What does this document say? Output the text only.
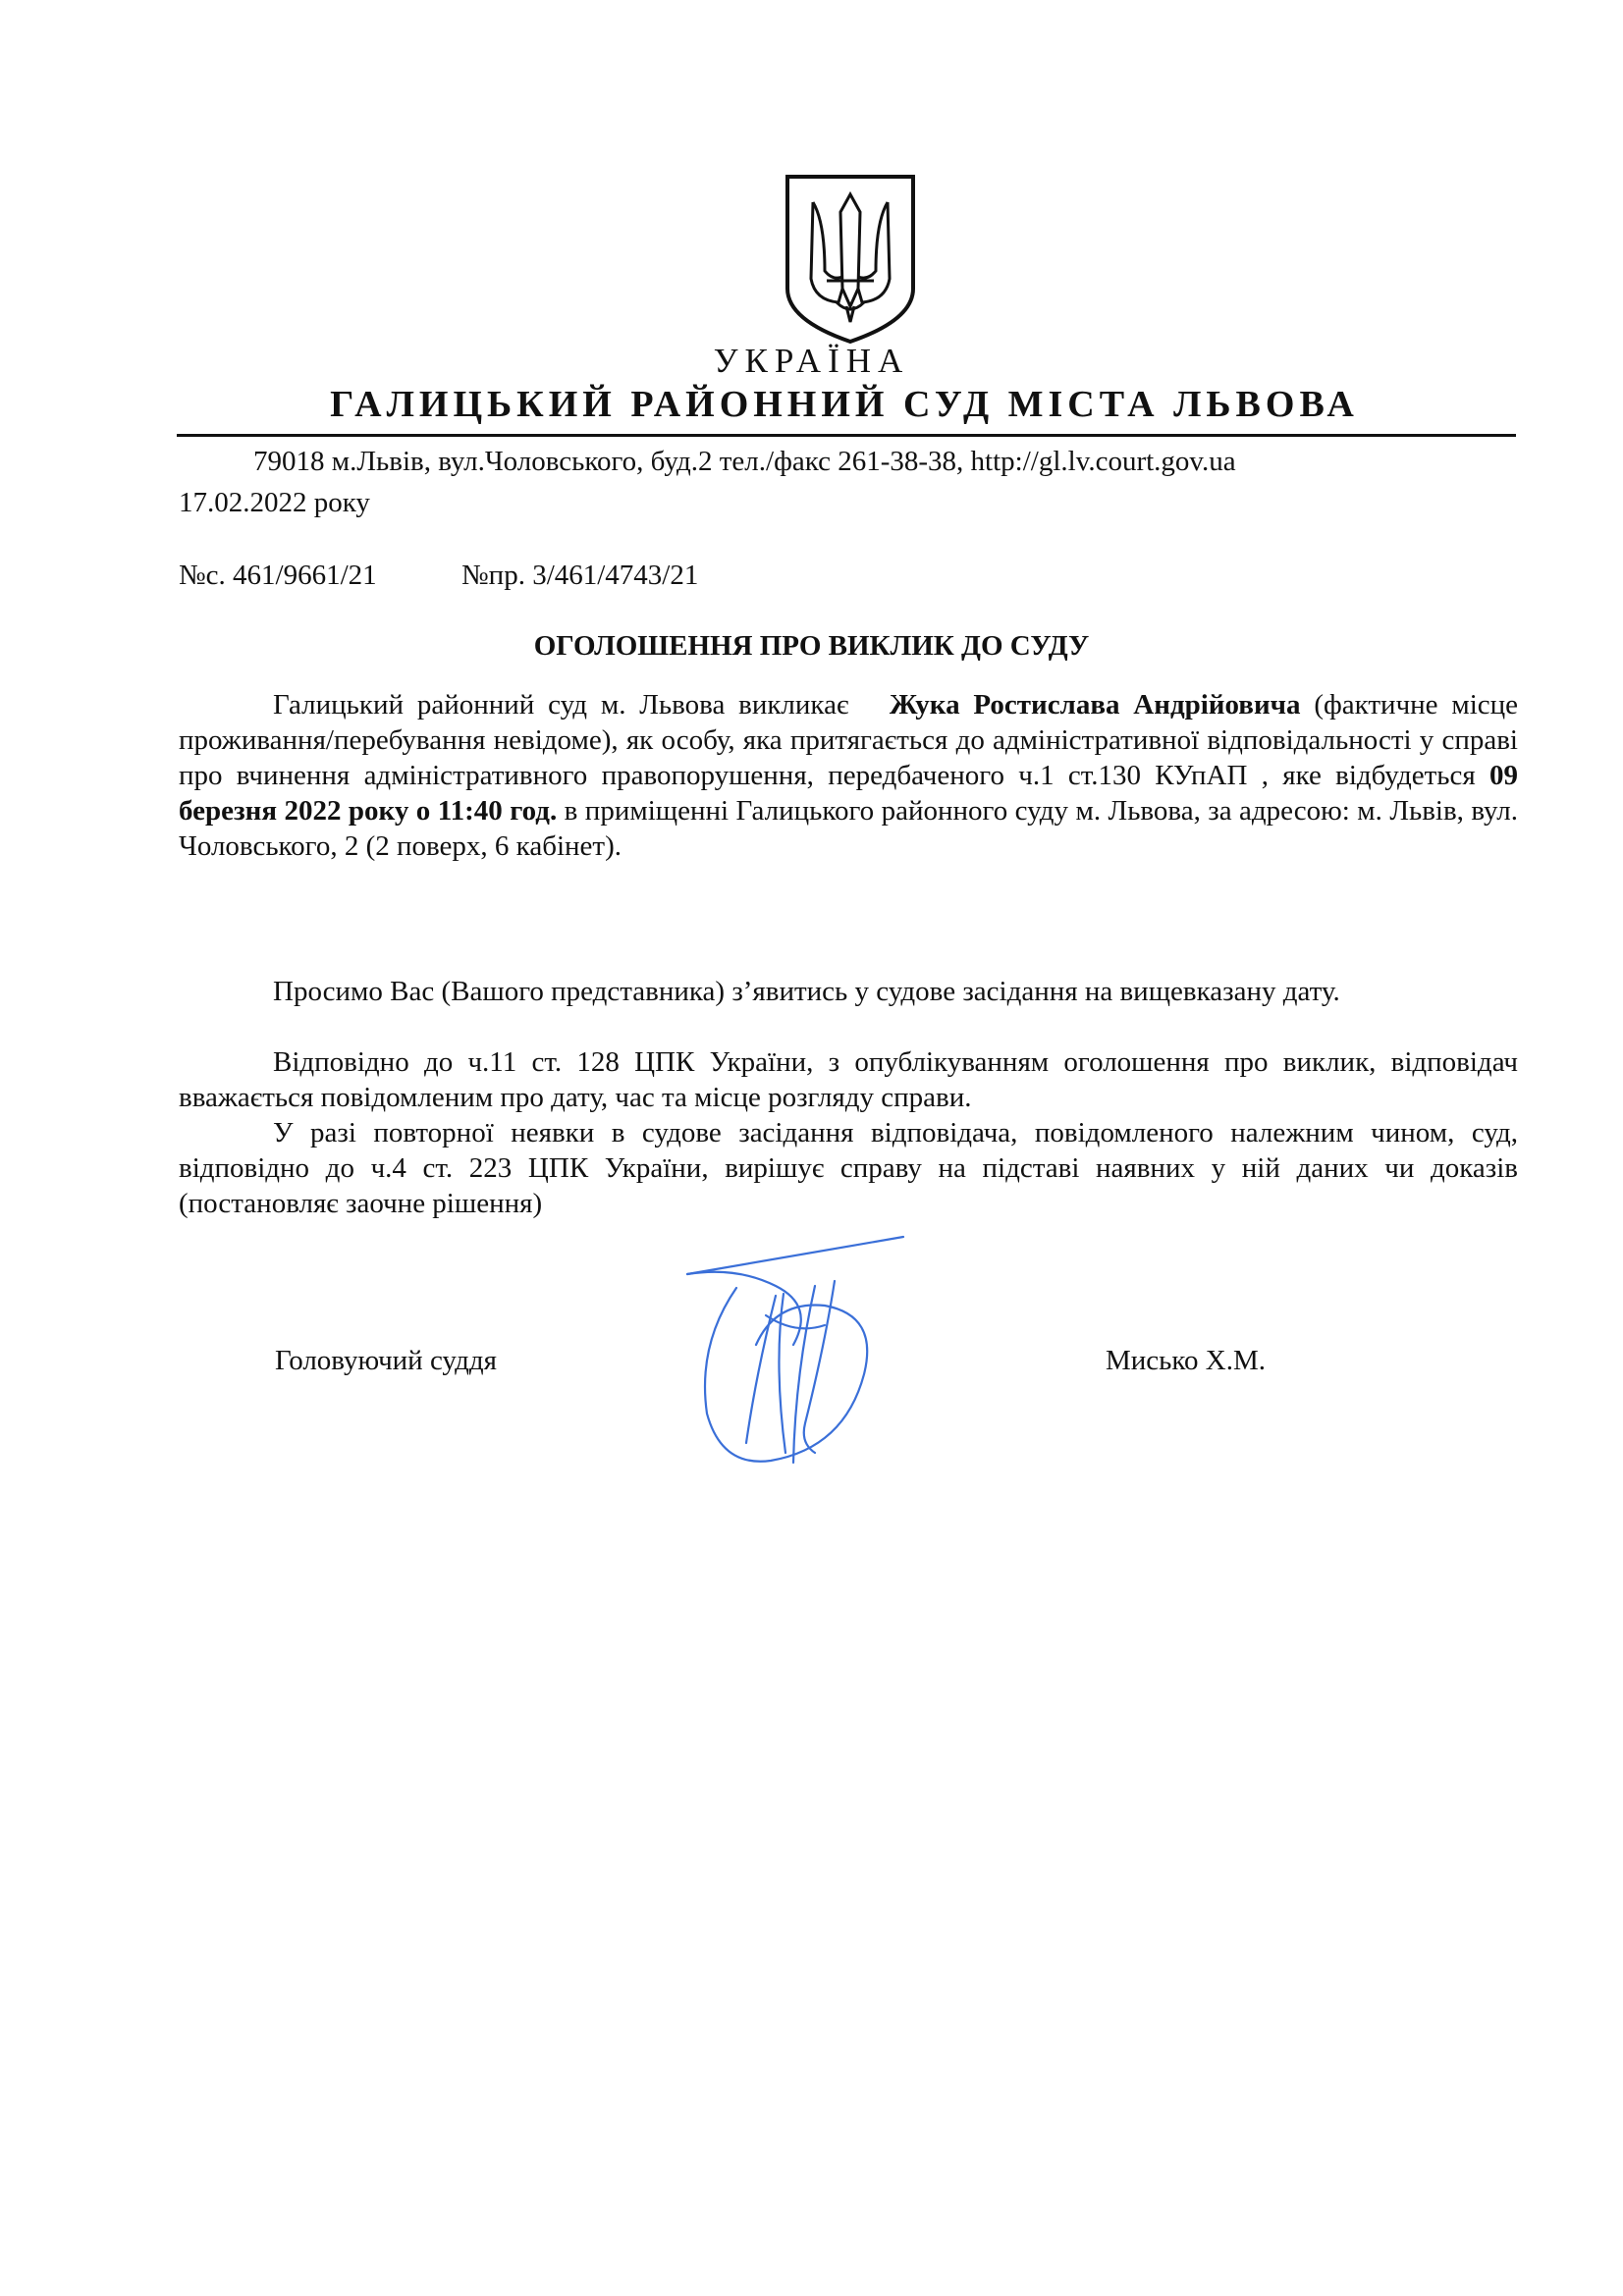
УКРАЇНА
ГАЛИЦЬКИЙ РАЙОННИЙ СУД МІСТА ЛЬВОВА
79018 м.Львів, вул.Чоловського, буд.2 тел./факс 261-38-38, http://gl.lv.court.gov.ua
17.02.2022 року
№с. 461/9661/21	№пр. 3/461/4743/21
ОГОЛОШЕННЯ ПРО ВИКЛИК ДО СУДУ
Галицький районний суд м. Львова викликає Жука Ростислава Андрійовича (фактичне місце проживання/перебування невідоме), як особу, яка притягається до адміністративної відповідальності у справі про вчинення адміністративного правопорушення, передбаченого ч.1 ст.130 КУпАП , яке відбудеться 09 березня 2022 року о 11:40 год. в приміщенні Галицького районного суду м. Львова, за адресою: м. Львів, вул. Чоловського, 2 (2 поверх, 6 кабінет).
Просимо Вас (Вашого представника) з’явитись у судове засідання на вищевказану дату.
Відповідно до ч.11 ст. 128 ЦПК України, з опублікуванням оголошення про виклик, відповідач вважається повідомленим про дату, час та місце розгляду справи.
У разі повторної неявки в судове засідання відповідача, повідомленого належним чином, суд, відповідно до ч.4 ст. 223 ЦПК України, вирішує справу на підставі наявних у ній даних чи доказів (постановляє заочне рішення)
Головуючий суддя	Мисько Х.М.
